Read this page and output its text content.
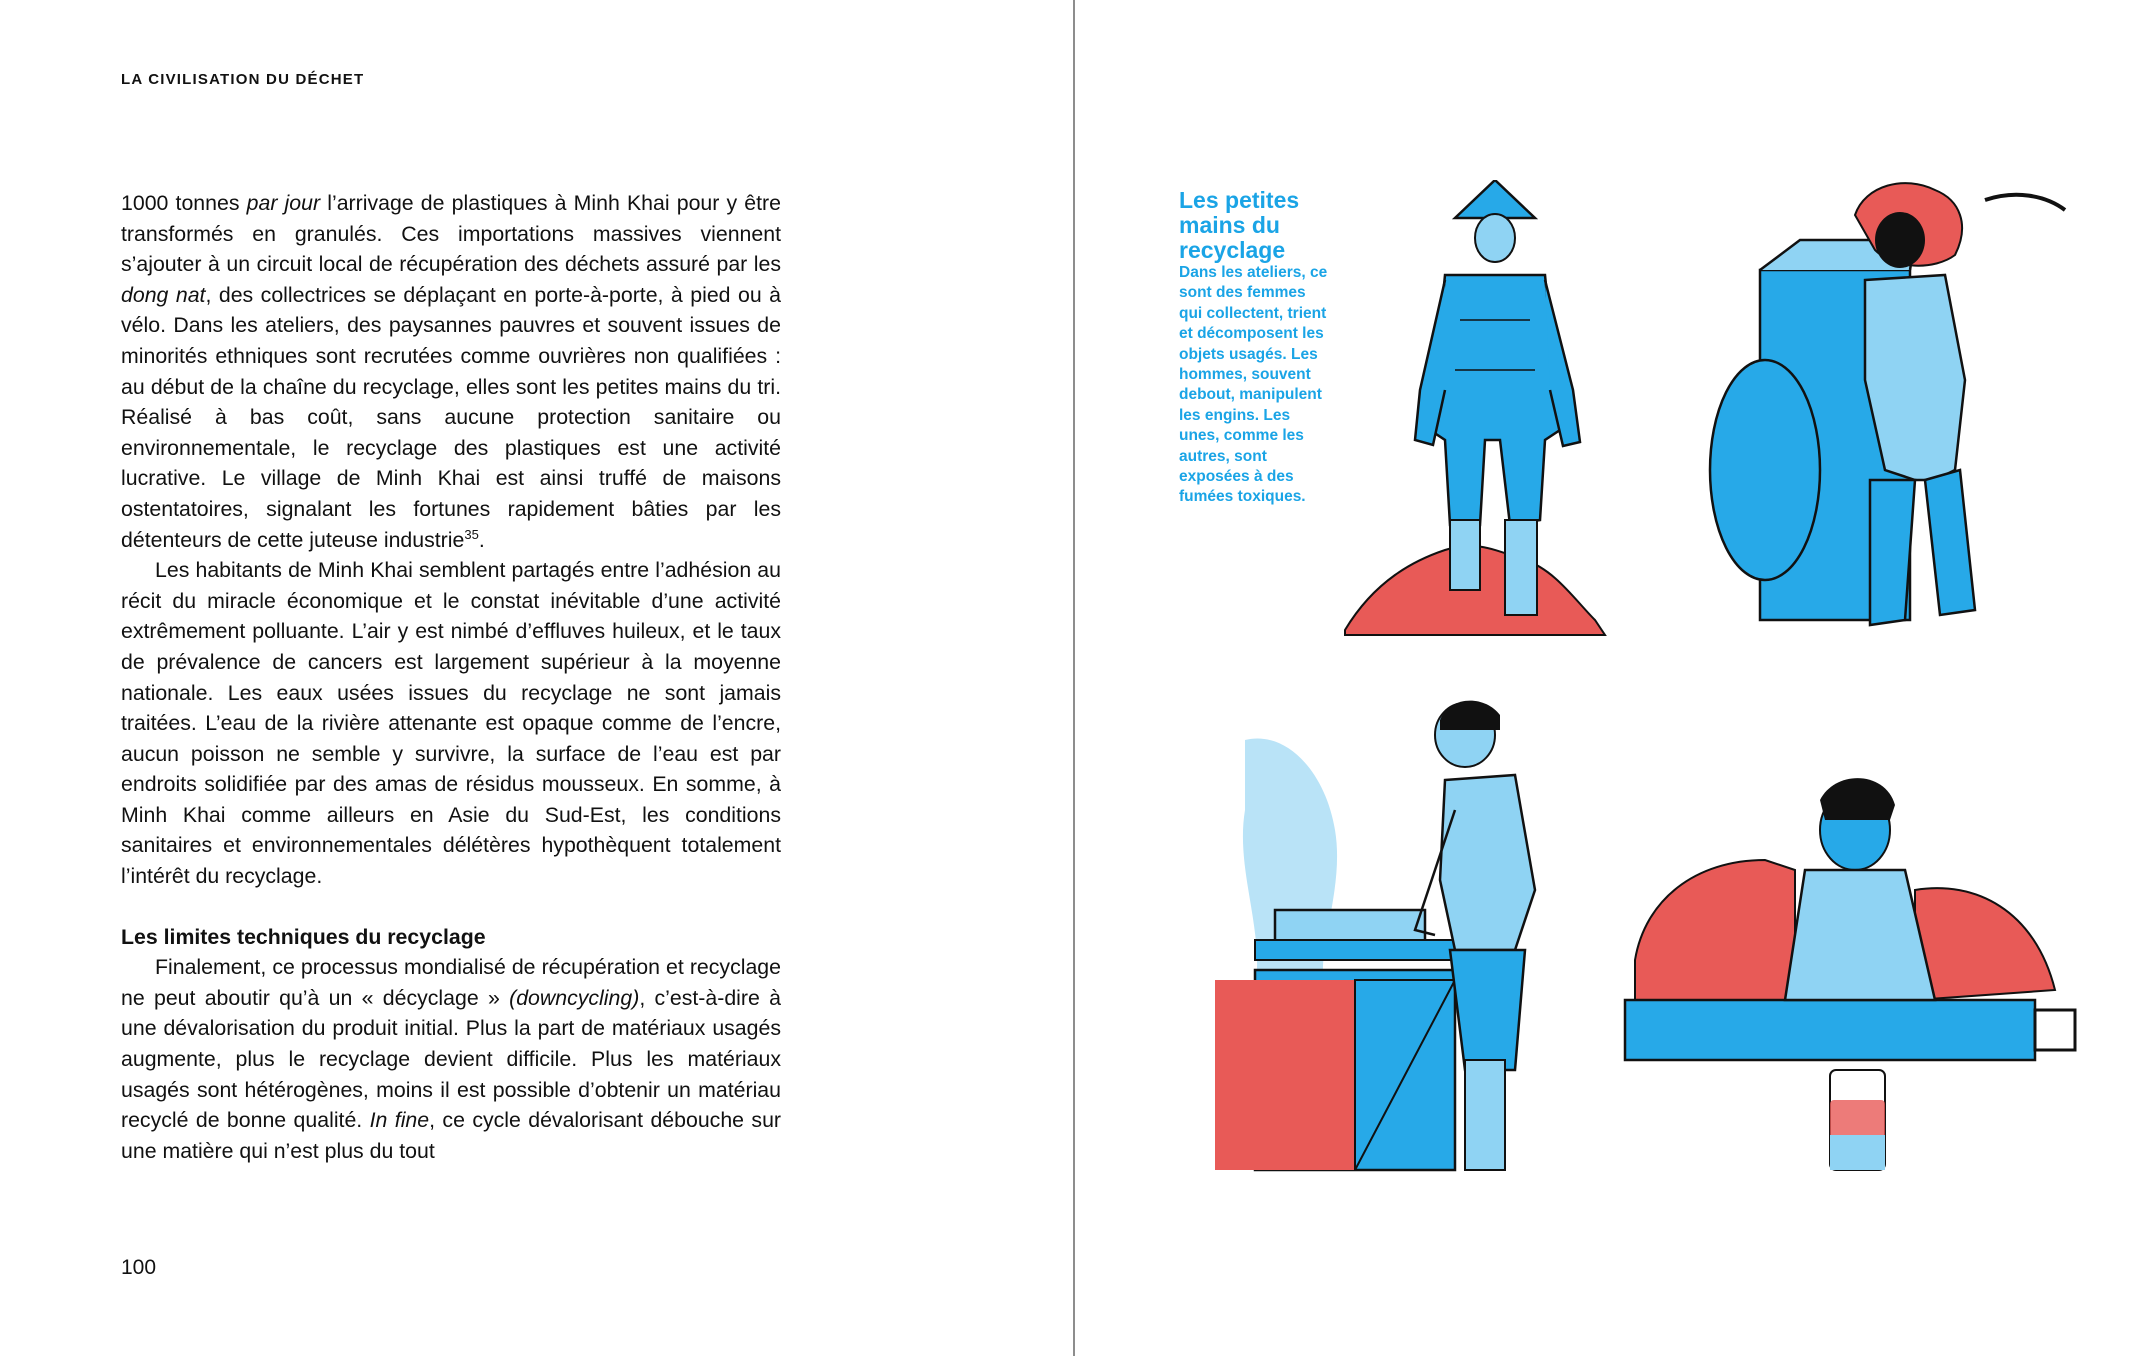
LA CIVILISATION DU DÉCHET

1000 tonnes par jour l’arrivage de plastiques à Minh Khai pour y être transformés en granulés. Ces importations massives viennent s’ajouter à un circuit local de récupération des déchets assuré par les dong nat, des collectrices se déplaçant en porte-à-porte, à pied ou à vélo. Dans les ateliers, des paysannes pauvres et souvent issues de minorités ethniques sont recrutées comme ouvrières non qualifiées : au début de la chaîne du recyclage, elles sont les petites mains du tri. Réalisé à bas coût, sans aucune protection sanitaire ou environnementale, le recyclage des plastiques est une activité lucrative. Le village de Minh Khai est ainsi truffé de maisons ostentatoires, signalant les fortunes rapidement bâties par les détenteurs de cette juteuse industrie$^{35}$.

Les habitants de Minh Khai semblent partagés entre l’adhésion au récit du miracle économique et le constat inévitable d’une activité extrêmement polluante. L’air y est nimbé d’effluves huileux, et le taux de prévalence de cancers est largement supérieur à la moyenne nationale. Les eaux usées issues du recyclage ne sont jamais traitées. L’eau de la rivière attenante est opaque comme de l’encre, aucun poisson ne semble y survivre, la surface de l’eau est par endroits solidifiée par des amas de résidus mousseux. En somme, à Minh Khai comme ailleurs en Asie du Sud-Est, les conditions sanitaires et environnementales délétères hypothèquent totalement l’intérêt du recyclage.

Les limites techniques du recyclage

Finalement, ce processus mondialisé de récupération et recyclage ne peut aboutir qu’à un « décyclage » (downcycling), c’est-à-dire à une dévalorisation du produit initial. Plus la part de matériaux usagés augmente, plus le recyclage devient difficile. Plus les matériaux usagés sont hétérogènes, moins il est possible d’obtenir un matériau recyclé de bonne qualité. In fine, ce cycle dévalorisant débouche sur une matière qui n’est plus du tout

100
Les petites mains du recyclage
Dans les ateliers, ce sont des femmes qui collectent, trient et décomposent les objets usagés. Les hommes, souvent debout, manipulent les engins. Les unes, comme les autres, sont exposées à des fumées toxiques.
